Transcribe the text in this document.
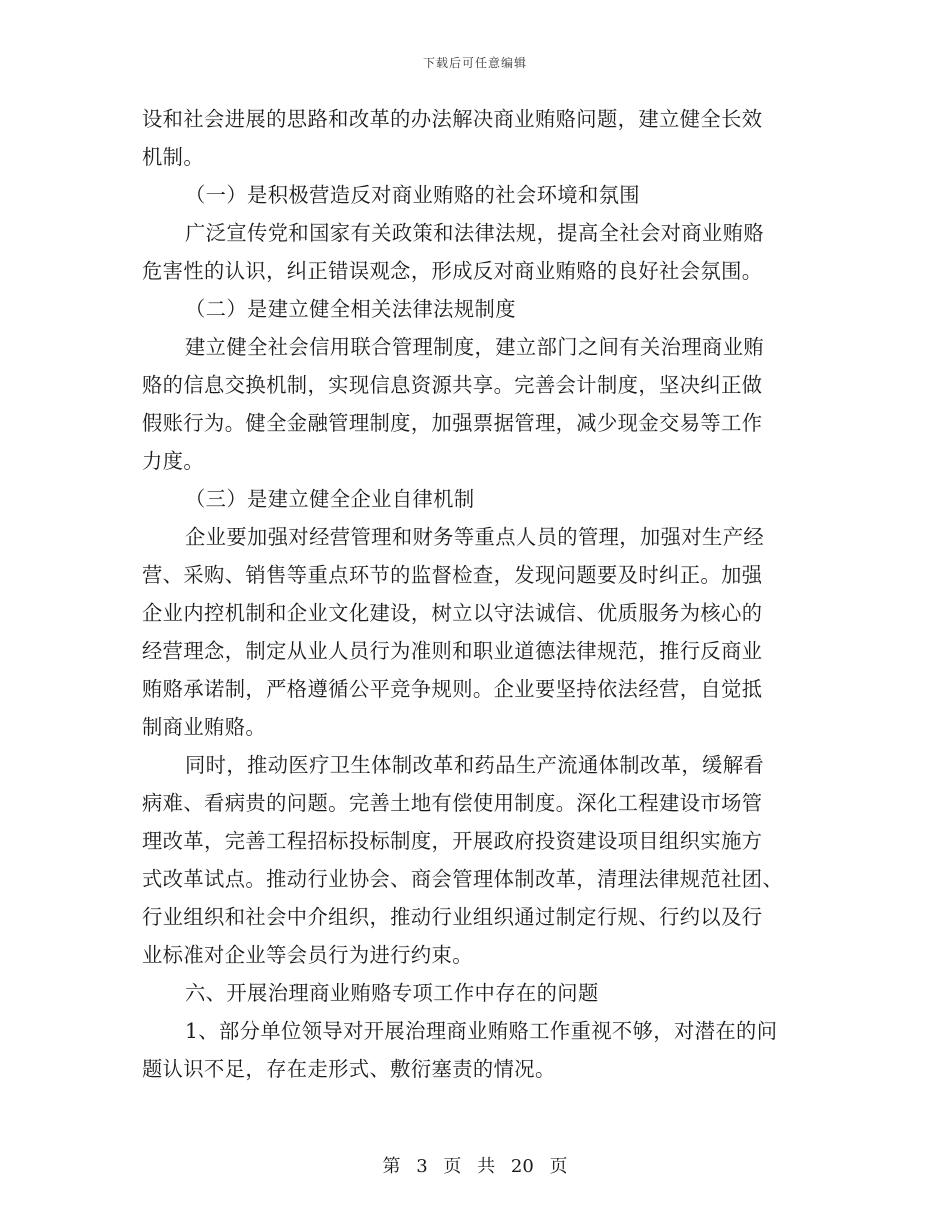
下载后可任意编辑
设和社会进展的思路和改革的办法解决商业贿赂问题，建立健全长效
机制。
（一）是积极营造反对商业贿赂的社会环境和氛围
广泛宣传党和国家有关政策和法律法规，提高全社会对商业贿赂
危害性的认识，纠正错误观念，形成反对商业贿赂的良好社会氛围。
（二）是建立健全相关法律法规制度
建立健全社会信用联合管理制度，建立部门之间有关治理商业贿
赂的信息交换机制，实现信息资源共享。完善会计制度，坚决纠正做
假账行为。健全金融管理制度，加强票据管理，减少现金交易等工作
力度。
（三）是建立健全企业自律机制
企业要加强对经营管理和财务等重点人员的管理，加强对生产经
营、采购、销售等重点环节的监督检查，发现问题要及时纠正。加强
企业内控机制和企业文化建设，树立以守法诚信、优质服务为核心的
经营理念，制定从业人员行为准则和职业道德法律规范，推行反商业
贿赂承诺制，严格遵循公平竞争规则。企业要坚持依法经营，自觉抵
制商业贿赂。
同时，推动医疗卫生体制改革和药品生产流通体制改革，缓解看
病难、看病贵的问题。完善土地有偿使用制度。深化工程建设市场管
理改革，完善工程招标投标制度，开展政府投资建设项目组织实施方
式改革试点。推动行业协会、商会管理体制改革，清理法律规范社团、
行业组织和社会中介组织，推动行业组织通过制定行规、行约以及行
业标准对企业等会员行为进行约束。
六、开展治理商业贿赂专项工作中存在的问题
1、部分单位领导对开展治理商业贿赂工作重视不够，对潜在的问
题认识不足，存在走形式、敷衍塞责的情况。
第 3 页 共 20 页
